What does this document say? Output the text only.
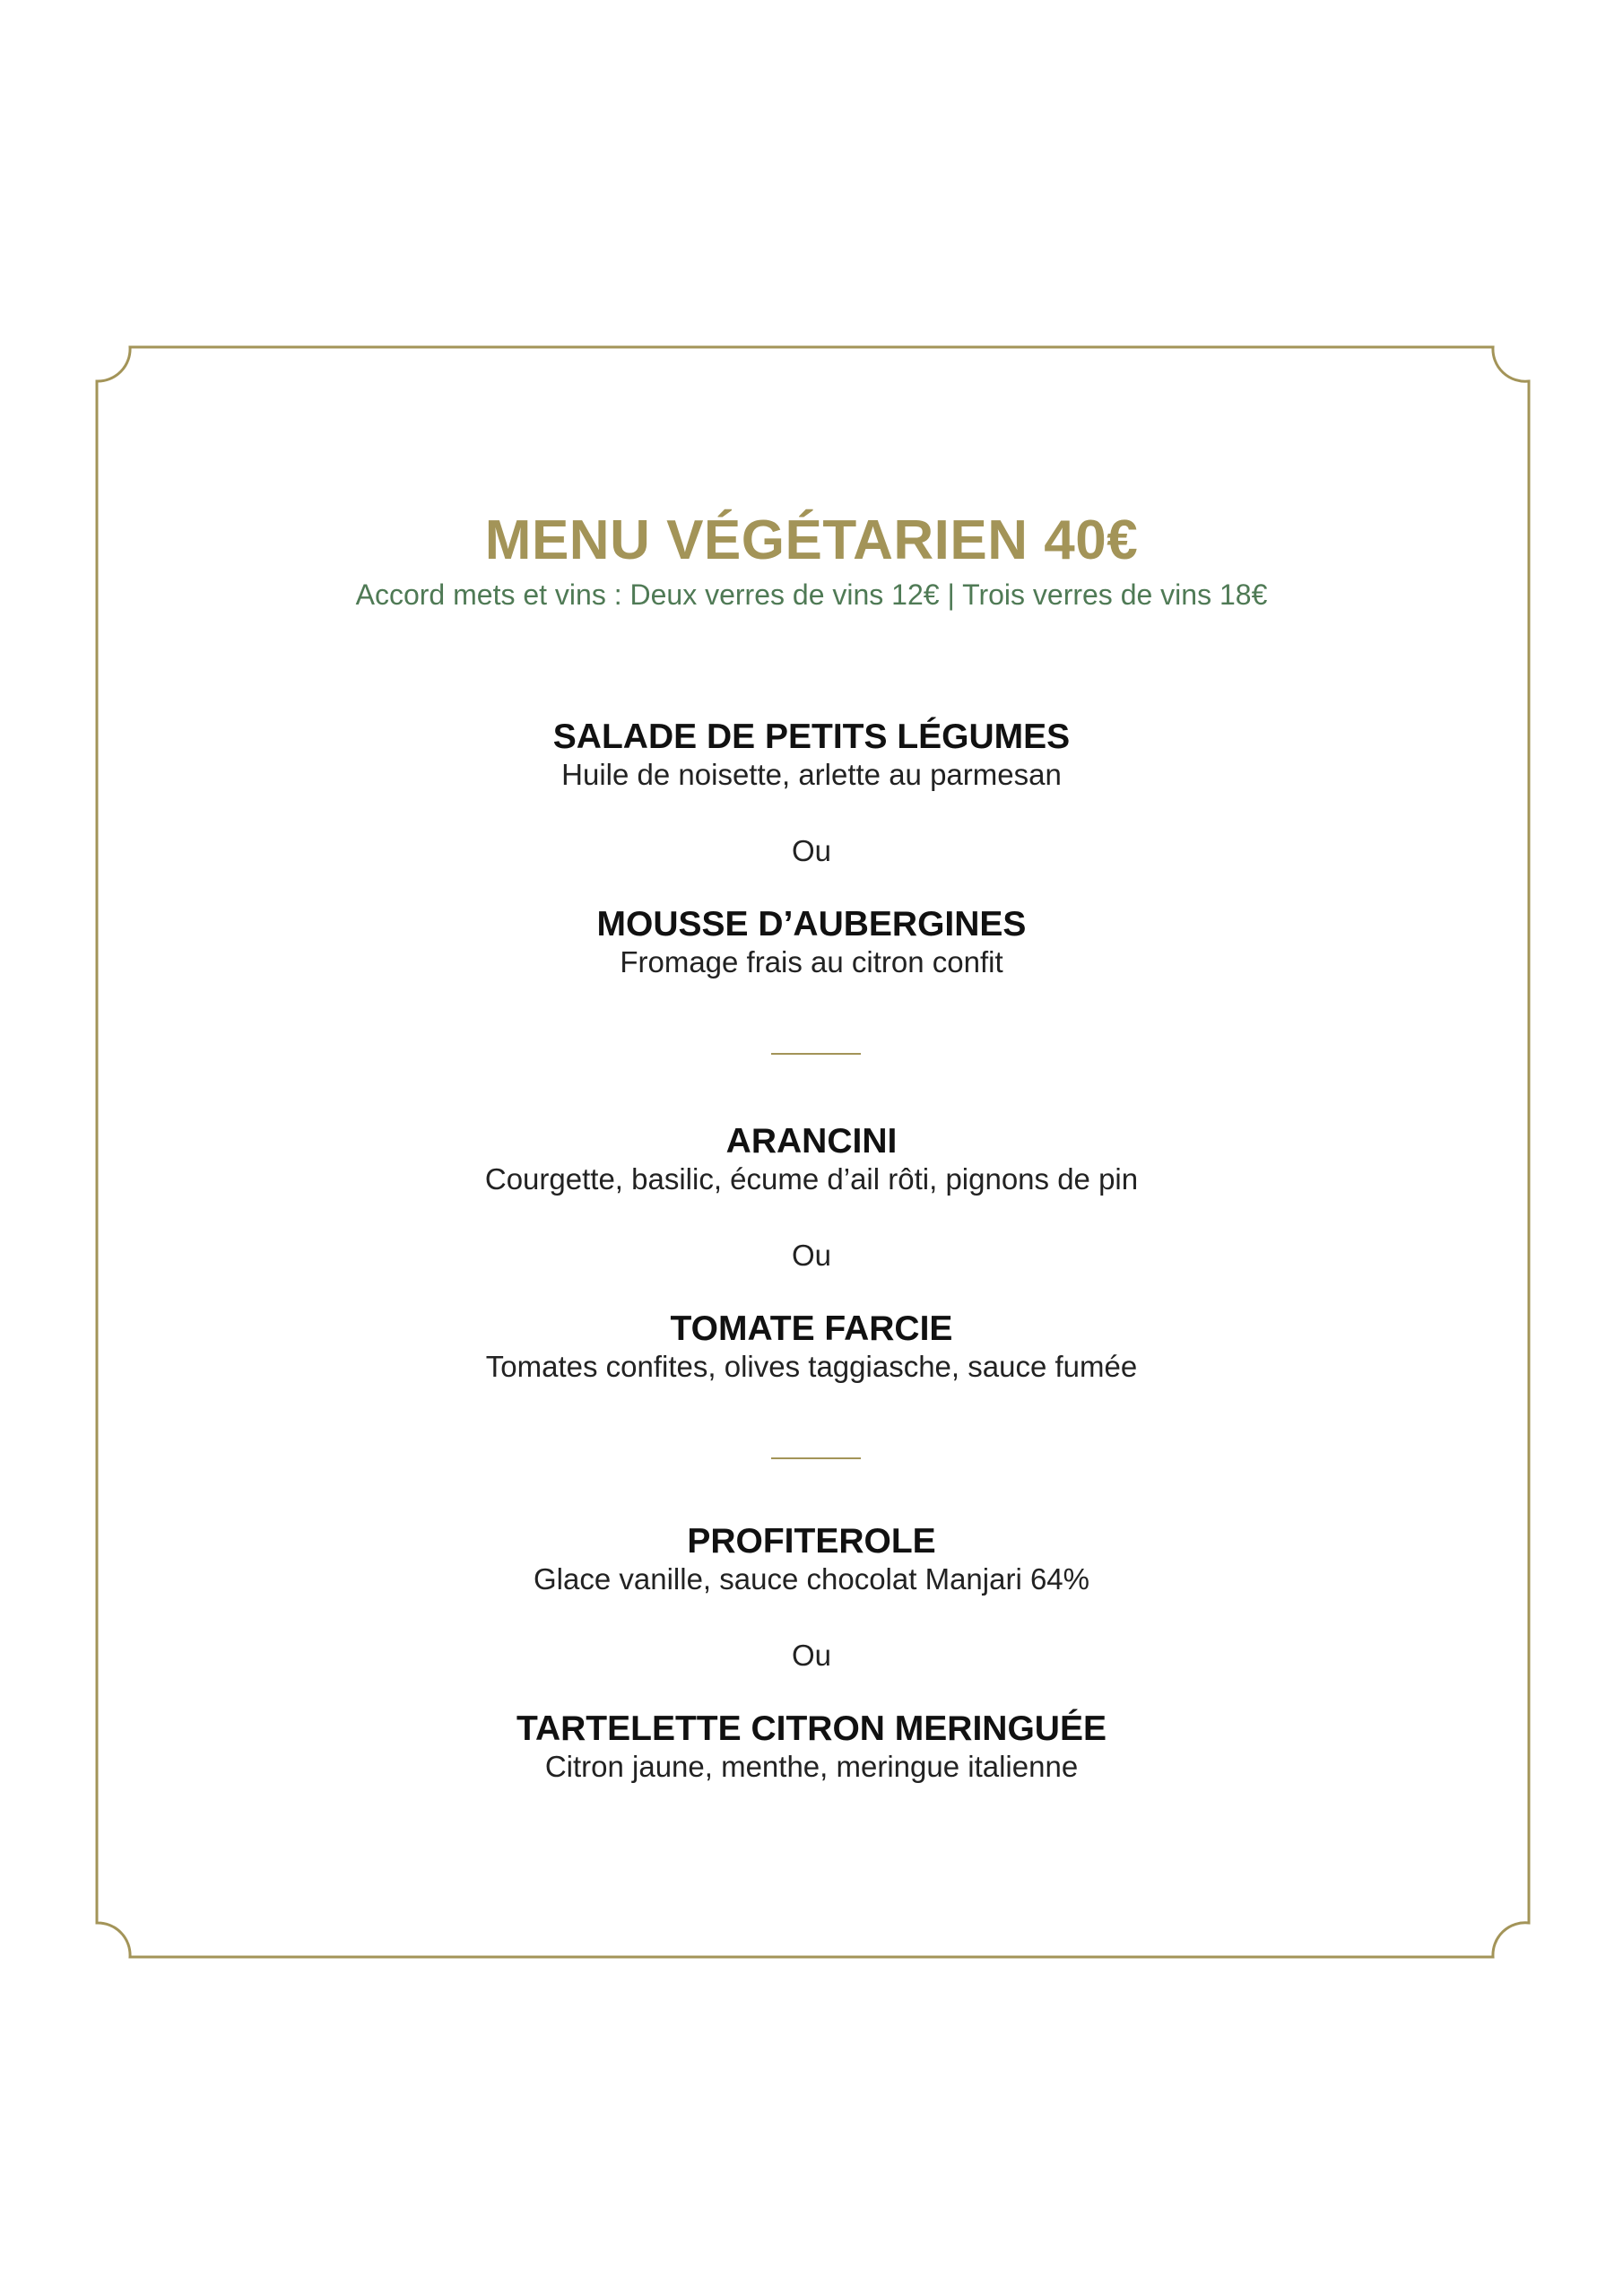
MENU VÉGÉTARIEN 40€

Accord mets et vins : Deux verres de vins 12€ | Trois verres de vins 18€

SALADE DE PETITS LÉGUMES
Huile de noisette, arlette au parmesan
Ou
MOUSSE D’AUBERGINES
Fromage frais au citron confit
ARANCINI
Courgette, basilic, écume d’ail rôti, pignons de pin
Ou
TOMATE FARCIE
Tomates confites, olives taggiasche, sauce fumée
PROFITEROLE
Glace vanille, sauce chocolat Manjari 64%
Ou
TARTELETTE CITRON MERINGUÉE
Citron jaune, menthe, meringue italienne
